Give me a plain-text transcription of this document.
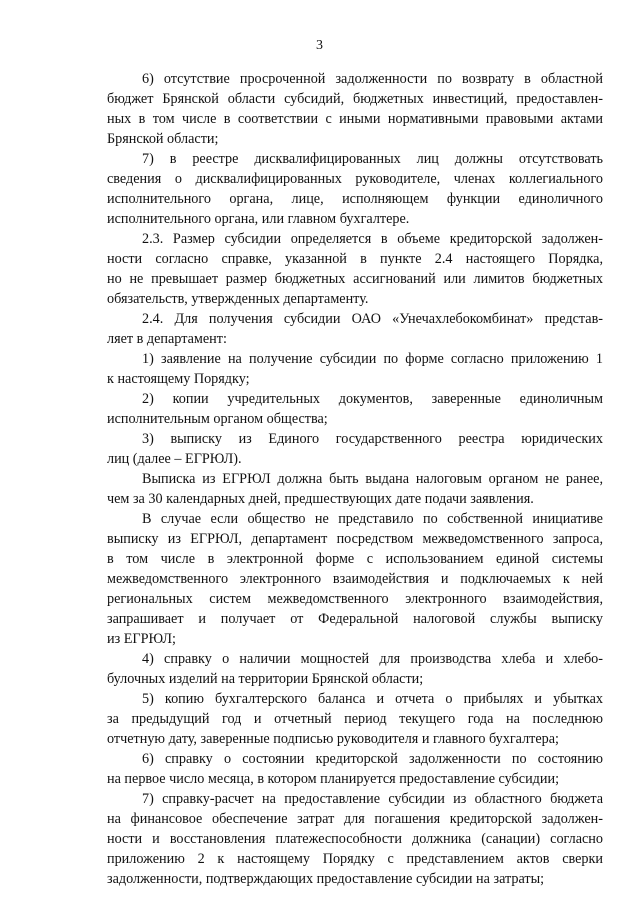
3
6) отсутствие просроченной задолженности по возврату в областной
бюджет Брянской области субсидий, бюджетных инвестиций, предоставлен-
ных в том числе в соответствии с иными нормативными правовыми актами
Брянской области;
7) в реестре дисквалифицированных лиц должны отсутствовать
сведения о дисквалифицированных руководителе, членах коллегиального
исполнительного органа, лице, исполняющем функции единоличного
исполнительного органа, или главном бухгалтере.
2.3. Размер субсидии определяется в объеме кредиторской задолжен-
ности согласно справке, указанной в пункте 2.4 настоящего Порядка,
но не превышает размер бюджетных ассигнований или лимитов бюджетных
обязательств, утвержденных департаменту.
2.4. Для получения субсидии ОАО «Унечахлебокомбинат» представ-
ляет в департамент:
1) заявление на получение субсидии по форме согласно приложению 1
к настоящему Порядку;
2) копии учредительных документов, заверенные единоличным
исполнительным органом общества;
3) выписку из Единого государственного реестра юридических
лиц (далее – ЕГРЮЛ).
Выписка из ЕГРЮЛ должна быть выдана налоговым органом не ранее,
чем за 30 календарных дней, предшествующих дате подачи заявления.
В случае если общество не представило по собственной инициативе
выписку из ЕГРЮЛ, департамент посредством межведомственного запроса,
в том числе в электронной форме с использованием единой системы
межведомственного электронного взаимодействия и подключаемых к ней
региональных систем межведомственного электронного взаимодействия,
запрашивает и получает от Федеральной налоговой службы выписку
из ЕГРЮЛ;
4) справку о наличии мощностей для производства хлеба и хлебо-
булочных изделий на территории Брянской области;
5) копию бухгалтерского баланса и отчета о прибылях и убытках
за предыдущий год и отчетный период текущего года на последнюю
отчетную дату, заверенные подписью руководителя и главного бухгалтера;
6) справку о состоянии кредиторской задолженности по состоянию
на первое число месяца, в котором планируется предоставление субсидии;
7) справку-расчет на предоставление субсидии из областного бюджета
на финансовое обеспечение затрат для погашения кредиторской задолжен-
ности и восстановления платежеспособности должника (санации) согласно
приложению 2 к настоящему Порядку с представлением актов сверки
задолженности, подтверждающих предоставление субсидии на затраты;
